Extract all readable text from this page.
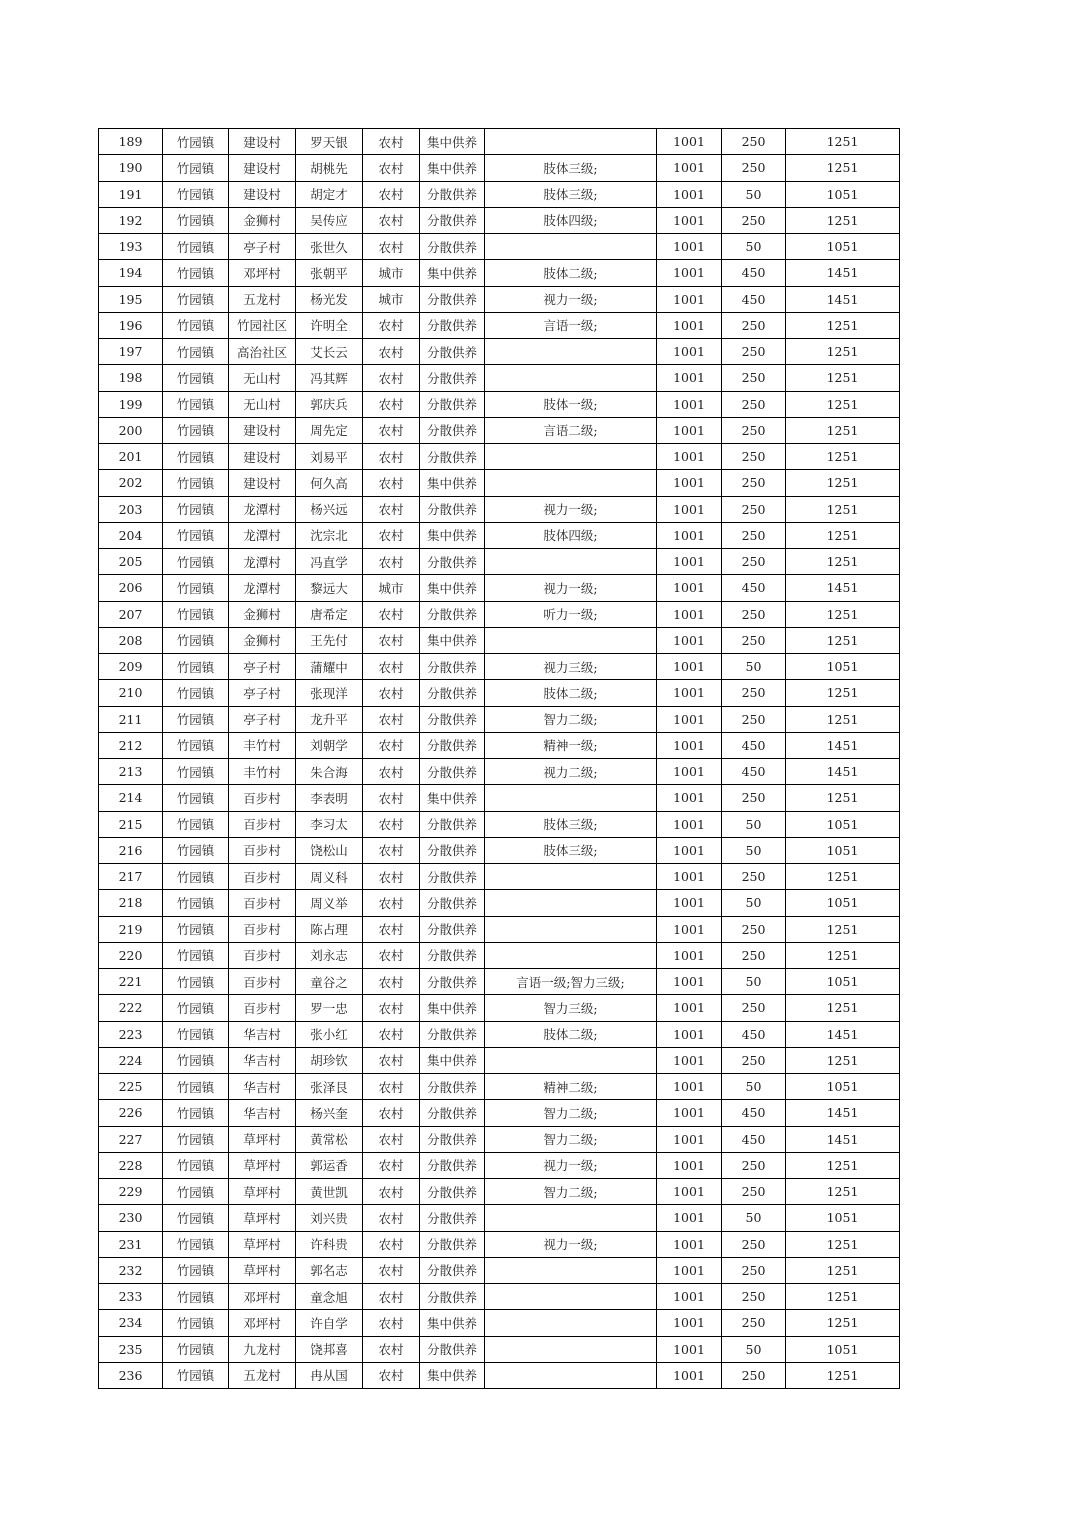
189	竹园镇	建设村	罗天银	农村	集中供养		1001	250	1251
190	竹园镇	建设村	胡桃先	农村	集中供养	肢体三级;	1001	250	1251
191	竹园镇	建设村	胡定才	农村	分散供养	肢体三级;	1001	50	1051
192	竹园镇	金狮村	吴传应	农村	分散供养	肢体四级;	1001	250	1251
193	竹园镇	亭子村	张世久	农村	分散供养		1001	50	1051
194	竹园镇	邓坪村	张朝平	城市	集中供养	肢体二级;	1001	450	1451
195	竹园镇	五龙村	杨光发	城市	分散供养	视力一级;	1001	450	1451
196	竹园镇	竹园社区	许明全	农村	分散供养	言语一级;	1001	250	1251
197	竹园镇	高治社区	艾长云	农村	分散供养		1001	250	1251
198	竹园镇	无山村	冯其辉	农村	分散供养		1001	250	1251
199	竹园镇	无山村	郭庆兵	农村	分散供养	肢体一级;	1001	250	1251
200	竹园镇	建设村	周先定	农村	分散供养	言语二级;	1001	250	1251
201	竹园镇	建设村	刘易平	农村	分散供养		1001	250	1251
202	竹园镇	建设村	何久高	农村	集中供养		1001	250	1251
203	竹园镇	龙潭村	杨兴远	农村	分散供养	视力一级;	1001	250	1251
204	竹园镇	龙潭村	沈宗北	农村	集中供养	肢体四级;	1001	250	1251
205	竹园镇	龙潭村	冯直学	农村	分散供养		1001	250	1251
206	竹园镇	龙潭村	黎远大	城市	集中供养	视力一级;	1001	450	1451
207	竹园镇	金狮村	唐希定	农村	分散供养	听力一级;	1001	250	1251
208	竹园镇	金狮村	王先付	农村	集中供养		1001	250	1251
209	竹园镇	亭子村	蒲耀中	农村	分散供养	视力三级;	1001	50	1051
210	竹园镇	亭子村	张现洋	农村	分散供养	肢体二级;	1001	250	1251
211	竹园镇	亭子村	龙升平	农村	分散供养	智力二级;	1001	250	1251
212	竹园镇	丰竹村	刘朝学	农村	分散供养	精神一级;	1001	450	1451
213	竹园镇	丰竹村	朱合海	农村	分散供养	视力二级;	1001	450	1451
214	竹园镇	百步村	李表明	农村	集中供养		1001	250	1251
215	竹园镇	百步村	李习太	农村	分散供养	肢体三级;	1001	50	1051
216	竹园镇	百步村	饶松山	农村	分散供养	肢体三级;	1001	50	1051
217	竹园镇	百步村	周义科	农村	分散供养		1001	250	1251
218	竹园镇	百步村	周义举	农村	分散供养		1001	50	1051
219	竹园镇	百步村	陈占理	农村	分散供养		1001	250	1251
220	竹园镇	百步村	刘永志	农村	分散供养		1001	250	1251
221	竹园镇	百步村	童谷之	农村	分散供养	言语一级;智力三级;	1001	50	1051
222	竹园镇	百步村	罗一忠	农村	集中供养	智力三级;	1001	250	1251
223	竹园镇	华吉村	张小红	农村	分散供养	肢体二级;	1001	450	1451
224	竹园镇	华吉村	胡珍钦	农村	集中供养		1001	250	1251
225	竹园镇	华吉村	张泽艮	农村	分散供养	精神二级;	1001	50	1051
226	竹园镇	华吉村	杨兴奎	农村	分散供养	智力二级;	1001	450	1451
227	竹园镇	草坪村	黄常松	农村	分散供养	智力二级;	1001	450	1451
228	竹园镇	草坪村	郭运香	农村	分散供养	视力一级;	1001	250	1251
229	竹园镇	草坪村	黄世凯	农村	分散供养	智力二级;	1001	250	1251
230	竹园镇	草坪村	刘兴贵	农村	分散供养		1001	50	1051
231	竹园镇	草坪村	许科贵	农村	分散供养	视力一级;	1001	250	1251
232	竹园镇	草坪村	郭名志	农村	分散供养		1001	250	1251
233	竹园镇	邓坪村	童念旭	农村	分散供养		1001	250	1251
234	竹园镇	邓坪村	许自学	农村	集中供养		1001	250	1251
235	竹园镇	九龙村	饶邦喜	农村	分散供养		1001	50	1051
236	竹园镇	五龙村	冉从国	农村	集中供养		1001	250	1251
